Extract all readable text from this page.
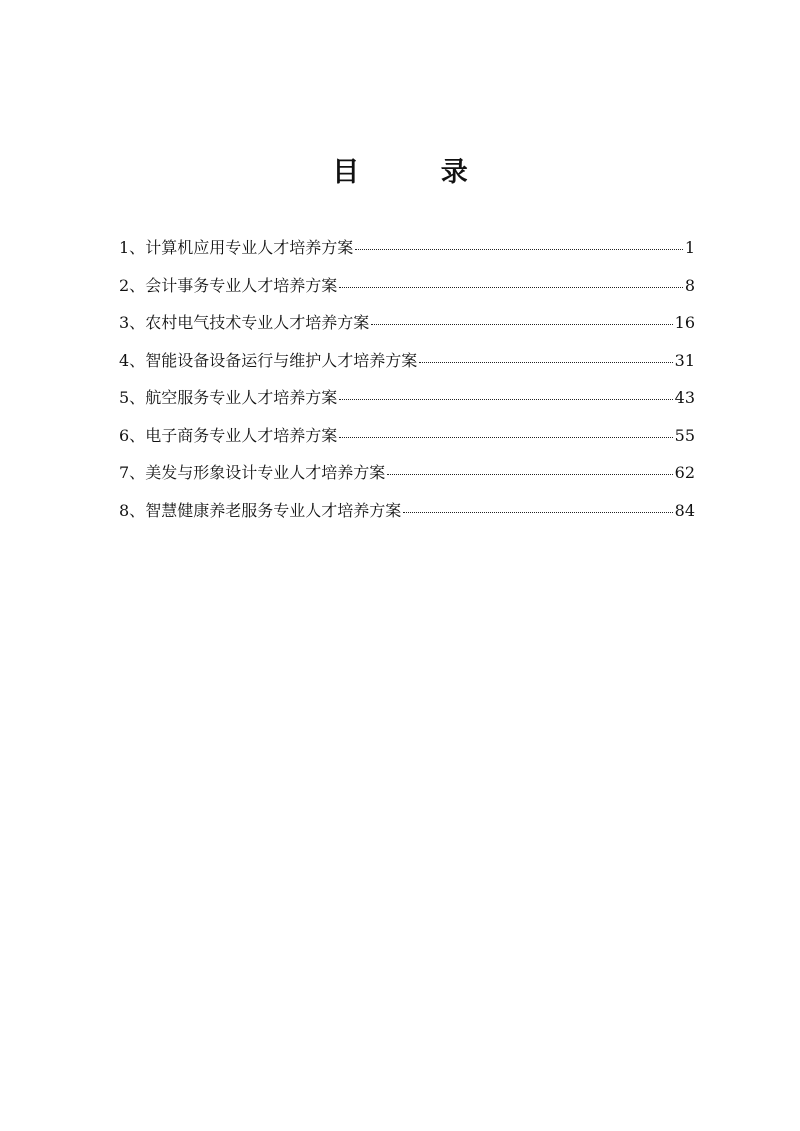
目 录
1、 计算机应用专业人才培养方案	1
2、 会计事务专业人才培养方案	8
3、 农村电气技术专业人才培养方案	16
4、 智能设备设备运行与维护人才培养方案	31
5、 航空服务专业人才培养方案	43
6、 电子商务专业人才培养方案	55
7、 美发与形象设计专业人才培养方案	62
8、 智慧健康养老服务专业人才培养方案	84
